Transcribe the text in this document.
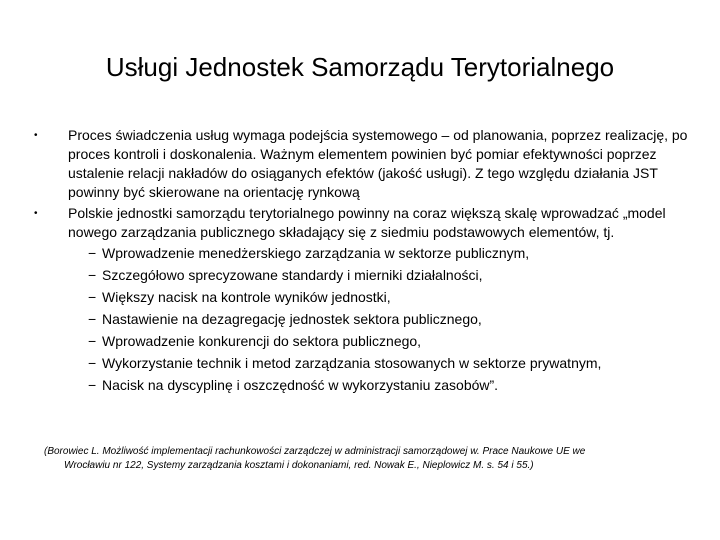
Usługi Jednostek Samorządu Terytorialnego
•	Proces świadczenia usług wymaga podejścia systemowego – od planowania, poprzez realizację, po proces kontroli i doskonalenia. Ważnym elementem powinien być pomiar efektywności poprzez ustalenie relacji nakładów do osiąganych efektów (jakość usługi). Z tego względu działania JST powinny być skierowane na orientację rynkową
•	Polskie jednostki samorządu terytorialnego powinny na coraz większą skalę wprowadzać „model nowego zarządzania publicznego składający się z siedmiu podstawowych elementów, tj.
− Wprowadzenie menedżerskiego zarządzania w sektorze publicznym,
− Szczegółowo sprecyzowane standardy i mierniki działalności,
− Większy nacisk na kontrole wyników jednostki,
− Nastawienie na dezagregację jednostek sektora publicznego,
− Wprowadzenie konkurencji do sektora publicznego,
− Wykorzystanie technik i metod zarządzania stosowanych w sektorze prywatnym,
− Nacisk na dyscyplinę i oszczędność w wykorzystaniu zasobów”.
(Borowiec L. Możliwość implementacji rachunkowości zarządczej w administracji samorządowej w. Prace Naukowe UE we
Wrocławiu nr 122, Systemy zarządzania kosztami i dokonaniami, red. Nowak E., Nieplowicz M. s. 54 i 55.)
